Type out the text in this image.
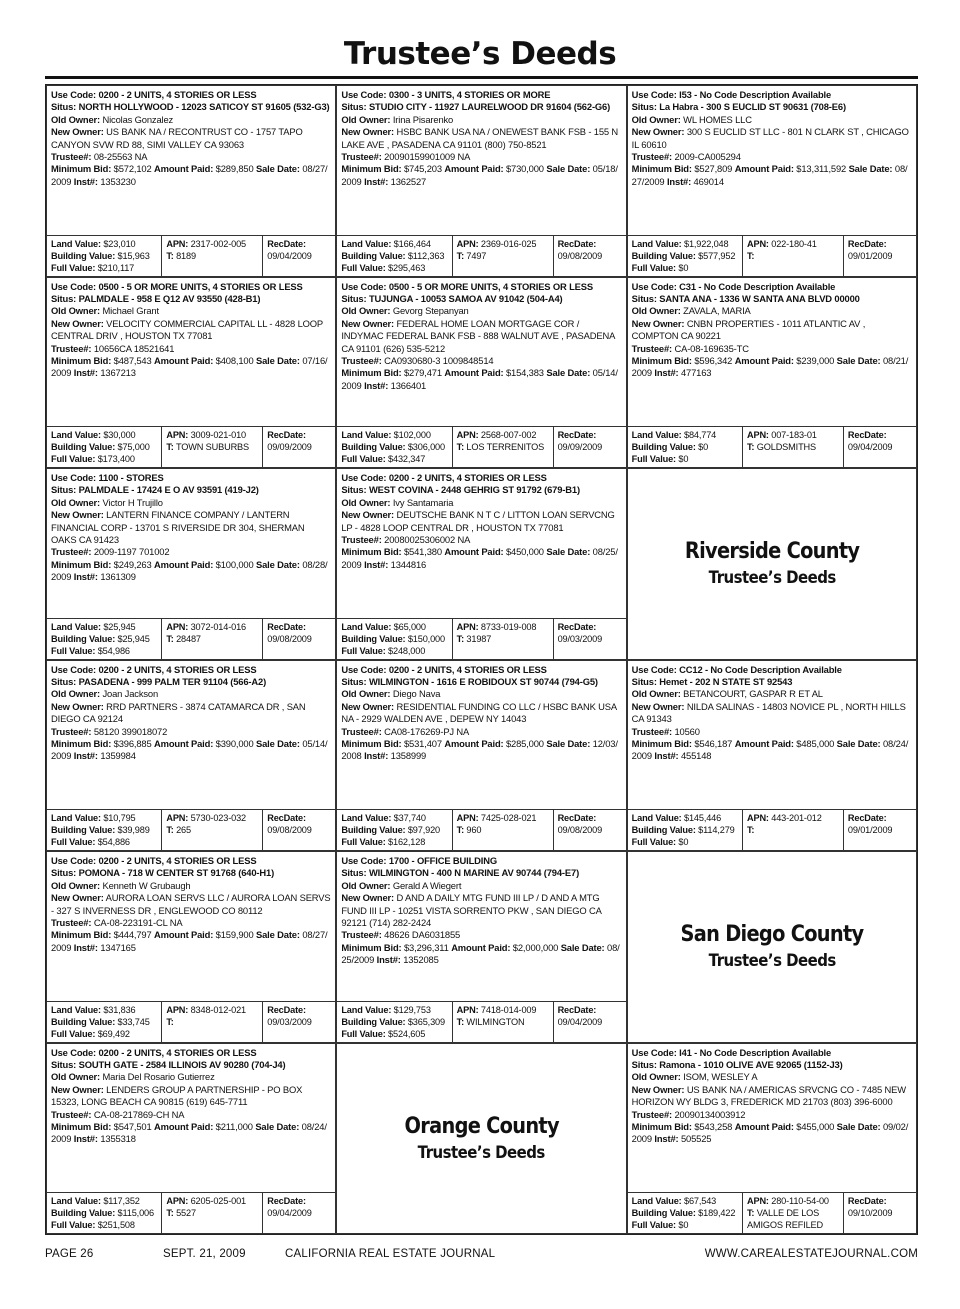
Trustee’s Deeds
Use Code: 0200 - 2 UNITS, 4 STORIES OR LESS
Situs: NORTH HOLLYWOOD - 12023 SATICOY ST 91605 (532-G3)
Old Owner: Nicolas Gonzalez
New Owner: US BANK NA / RECONTRUST CO - 1757 TAPO CANYON SVW RD 88, SIMI VALLEY CA 93063
Trustee#: 08-25563 NA
Minimum Bid: $572,102 Amount Paid: $289,850 Sale Date: 08/27/ 2009 Inst#: 1353230
Land Value: $23,010
Building Value: $15,963
Full Value: $210,117
APN: 2317-002-005
T: 8189
RecDate:
09/04/2009
Use Code: 0300 - 3 UNITS, 4 STORIES OR MORE
Situs: STUDIO CITY - 11927 LAURELWOOD DR 91604 (562-G6)
Old Owner: Irina Pisarenko
New Owner: HSBC BANK USA NA / ONEWEST BANK FSB - 155 N LAKE AVE , PASADENA CA 91101 (800) 750-8521
Trustee#: 20090159901009 NA
Minimum Bid: $745,203 Amount Paid: $730,000 Sale Date: 05/18/ 2009 Inst#: 1362527
Land Value: $166,464
Building Value: $112,363
Full Value: $295,463
APN: 2369-016-025
T: 7497
RecDate:
09/08/2009
Use Code: I53 - No Code Description Available
Situs: La Habra - 300 S EUCLID ST 90631 (708-E6)
Old Owner: WL HOMES LLC
New Owner: 300 S EUCLID ST LLC - 801 N CLARK ST , CHICAGO IL 60610
Trustee#: 2009-CA005294
Minimum Bid: $527,809 Amount Paid: $13,311,592 Sale Date: 08/ 27/2009 Inst#: 469014
Land Value: $1,922,048
Building Value: $577,952
Full Value: $0
APN: 022-180-41
T:
RecDate:
09/01/2009
Use Code: 0500 - 5 OR MORE UNITS, 4 STORIES OR LESS
Situs: PALMDALE - 958 E Q12 AV 93550 (428-B1)
Old Owner: Michael Grant
New Owner: VELOCITY COMMERCIAL CAPITAL LL - 4828 LOOP CENTRAL DRIV , HOUSTON TX 77081
Trustee#: 10656CA 18521641
Minimum Bid: $487,543 Amount Paid: $408,100 Sale Date: 07/16/ 2009 Inst#: 1367213
Land Value: $30,000
Building Value: $75,000
Full Value: $173,400
APN: 3009-021-010
T: TOWN SUBURBS
RecDate:
09/09/2009
Use Code: 0500 - 5 OR MORE UNITS, 4 STORIES OR LESS
Situs: TUJUNGA - 10053 SAMOA AV 91042 (504-A4)
Old Owner: Gevorg Stepanyan
New Owner: FEDERAL HOME LOAN MORTGAGE COR / INDYMAC FEDERAL BANK FSB - 888 WALNUT AVE , PASADENA CA 91101 (626) 535-5212
Trustee#: CA0930680-3 1009848514
Minimum Bid: $279,471 Amount Paid: $154,383 Sale Date: 05/14/ 2009 Inst#: 1366401
Land Value: $102,000
Building Value: $306,000
Full Value: $432,347
APN: 2568-007-002
T: LOS TERRENITOS
RecDate:
09/09/2009
Use Code: C31 - No Code Description Available
Situs: SANTA ANA - 1336 W SANTA ANA BLVD 00000
Old Owner: ZAVALA, MARIA
New Owner: CNBN PROPERTIES - 1011 ATLANTIC AV , COMPTON CA 90221
Trustee#: CA-08-169635-TC
Minimum Bid: $596,342 Amount Paid: $239,000 Sale Date: 08/21/ 2009 Inst#: 477163
Land Value: $84,774
Building Value: $0
Full Value: $0
APN: 007-183-01
T: GOLDSMITHS
RecDate:
09/04/2009
Use Code: 1100 - STORES
Situs: PALMDALE - 17424 E O AV 93591 (419-J2)
Old Owner: Victor H Trujillo
New Owner: LANTERN FINANCE COMPANY / LANTERN FINANCIAL CORP - 13701 S RIVERSIDE DR 304, SHERMAN OAKS CA 91423
Trustee#: 2009-1197 701002
Minimum Bid: $249,263 Amount Paid: $100,000 Sale Date: 08/28/ 2009 Inst#: 1361309
Land Value: $25,945
Building Value: $25,945
Full Value: $54,986
APN: 3072-014-016
T: 28487
RecDate:
09/08/2009
Use Code: 0200 - 2 UNITS, 4 STORIES OR LESS
Situs: WEST COVINA - 2448 GEHRIG ST 91792 (679-B1)
Old Owner: Ivy Santamaria
New Owner: DEUTSCHE BANK N T C / LITTON LOAN SERVCNG LP - 4828 LOOP CENTRAL DR , HOUSTON TX 77081
Trustee#: 20080025306002 NA
Minimum Bid: $541,380 Amount Paid: $450,000 Sale Date: 08/25/ 2009 Inst#: 1344816
Land Value: $65,000
Building Value: $150,000
Full Value: $248,000
APN: 8733-019-008
T: 31987
RecDate:
09/03/2009
Riverside County
Trustee’s Deeds
Use Code: 0200 - 2 UNITS, 4 STORIES OR LESS
Situs: PASADENA - 999 PALM TER 91104 (566-A2)
Old Owner: Joan Jackson
New Owner: RRD PARTNERS - 3874 CATAMARCA DR , SAN DIEGO CA 92124
Trustee#: 58120 399018072
Minimum Bid: $396,885 Amount Paid: $390,000 Sale Date: 05/14/ 2009 Inst#: 1359984
Land Value: $10,795
Building Value: $39,989
Full Value: $54,886
APN: 5730-023-032
T: 265
RecDate:
09/08/2009
Use Code: 0200 - 2 UNITS, 4 STORIES OR LESS
Situs: WILMINGTON - 1616 E ROBIDOUX ST 90744 (794-G5)
Old Owner: Diego Nava
New Owner: RESIDENTIAL FUNDING CO LLC / HSBC BANK USA NA - 2929 WALDEN AVE , DEPEW NY 14043
Trustee#: CA08-176269-PJ NA
Minimum Bid: $531,407 Amount Paid: $285,000 Sale Date: 12/03/ 2008 Inst#: 1358999
Land Value: $37,740
Building Value: $97,920
Full Value: $162,128
APN: 7425-028-021
T: 960
RecDate:
09/08/2009
Use Code: CC12 - No Code Description Available
Situs: Hemet - 202 N STATE ST 92543
Old Owner: BETANCOURT, GASPAR R ET AL
New Owner: NILDA SALINAS - 14803 NOVICE PL , NORTH HILLS CA 91343
Trustee#: 10560
Minimum Bid: $546,187 Amount Paid: $485,000 Sale Date: 08/24/ 2009 Inst#: 455148
Land Value: $145,446
Building Value: $114,279
Full Value: $0
APN: 443-201-012
T:
RecDate:
09/01/2009
Use Code: 0200 - 2 UNITS, 4 STORIES OR LESS
Situs: POMONA - 718 W CENTER ST 91768 (640-H1)
Old Owner: Kenneth W Grubaugh
New Owner: AURORA LOAN SERVS LLC / AURORA LOAN SERVS - 327 S INVERNESS DR , ENGLEWOOD CO 80112
Trustee#: CA-08-223191-CL NA
Minimum Bid: $444,797 Amount Paid: $159,900 Sale Date: 08/27/ 2009 Inst#: 1347165
Land Value: $31,836
Building Value: $33,745
Full Value: $69,492
APN: 8348-012-021
T:
RecDate:
09/03/2009
Use Code: 1700 - OFFICE BUILDING
Situs: WILMINGTON - 400 N MARINE AV 90744 (794-E7)
Old Owner: Gerald A Wiegert
New Owner: D AND A DAILY MTG FUND III LP / D AND A MTG FUND III LP - 10251 VISTA SORRENTO PKW , SAN DIEGO CA 92121 (714) 282-2424
Trustee#: 48626 DA6031855
Minimum Bid: $3,296,311 Amount Paid: $2,000,000 Sale Date: 08/ 25/2009 Inst#: 1352085
Land Value: $129,753
Building Value: $365,309
Full Value: $524,605
APN: 7418-014-009
T: WILMINGTON
RecDate:
09/04/2009
San Diego County
Trustee’s Deeds
Use Code: 0200 - 2 UNITS, 4 STORIES OR LESS
Situs: SOUTH GATE - 2584 ILLINOIS AV 90280 (704-J4)
Old Owner: Maria Del Rosario Gutierrez
New Owner: LENDERS GROUP A PARTNERSHIP - PO BOX 15323, LONG BEACH CA 90815 (619) 645-7711
Trustee#: CA-08-217869-CH NA
Minimum Bid: $547,501 Amount Paid: $211,000 Sale Date: 08/24/ 2009 Inst#: 1355318
Land Value: $117,352
Building Value: $115,006
Full Value: $251,508
APN: 6205-025-001
T: 5527
RecDate:
09/04/2009
Orange County
Trustee’s Deeds
Use Code: I41 - No Code Description Available
Situs: Ramona - 1010 OLIVE AVE 92065 (1152-J3)
Old Owner: ISOM, WESLEY A
New Owner: US BANK NA / AMERICAS SRVCNG CO - 7485 NEW HORIZON WY BLDG 3, FREDERICK MD 21703 (803) 396-6000
Trustee#: 20090134003912
Minimum Bid: $543,258 Amount Paid: $455,000 Sale Date: 09/02/ 2009 Inst#: 505525
Land Value: $67,543
Building Value: $189,422
Full Value: $0
APN: 280-110-54-00
T: VALLE DE LOS AMIGOS REFILED
RecDate:
09/10/2009
PAGE 26	SEPT. 21, 2009	CALIFORNIA REAL ESTATE JOURNAL	WWW.CAREALESTATEJOURNAL.COM
